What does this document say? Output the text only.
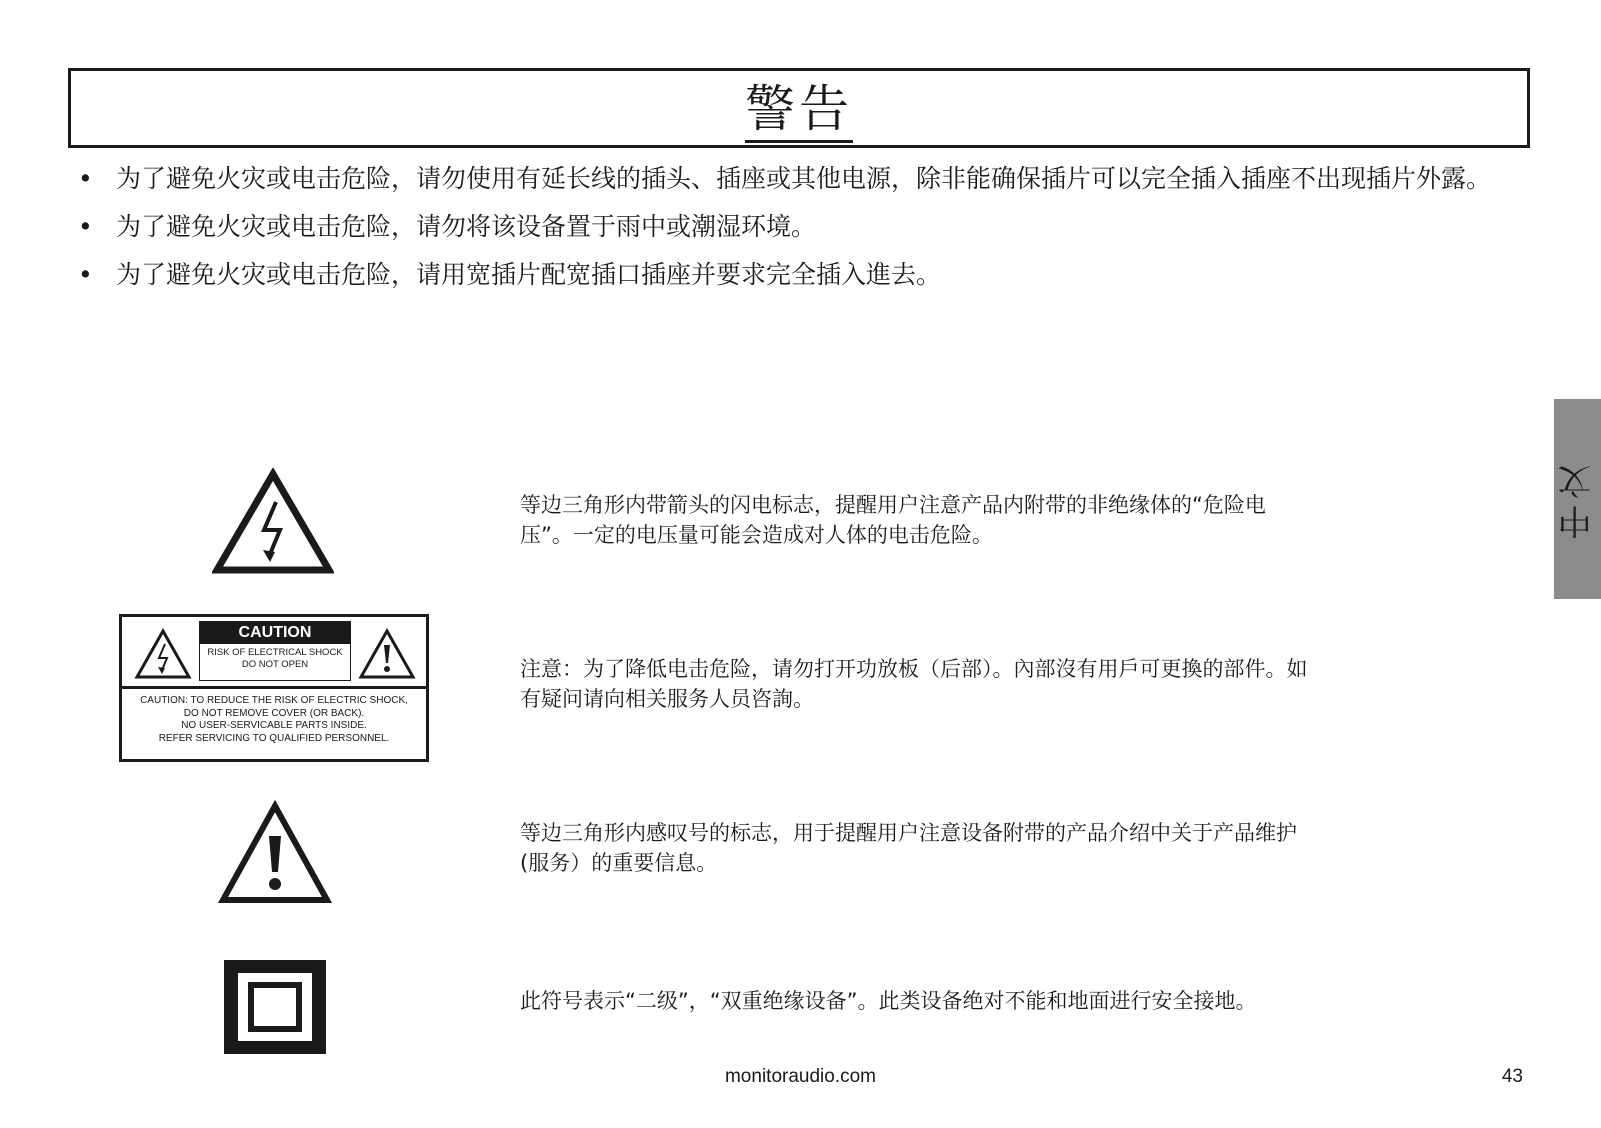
警告
• 为了避免火灾或电击危险，请勿使用有延长线的插头、插座或其他电源，除非能确保插片可以完全插入插座不出现插片外露。
• 为了避免火灾或电击危险，请勿将该设备置于雨中或潮湿环境。
• 为了避免火灾或电击危险，请用宽插片配宽插口插座并要求完全插入進去。
等边三角形内带箭头的闪电标志，提醒用户注意产品内附带的非绝缘体的“危险电压”。一定的电压量可能会造成对人体的电击危险。
CAUTION
RISK OF ELECTRICAL SHOCK
DO NOT OPEN
CAUTION: TO REDUCE THE RISK OF ELECTRIC SHOCK,
DO NOT REMOVE COVER (OR BACK).
NO USER-SERVICABLE PARTS INSIDE.
REFER SERVICING TO QUALIFIED PERSONNEL.
注意：为了降低电击危险，请勿打开功放板（后部）。內部沒有用戶可更換的部件。如有疑问请向相关服务人员咨詢。
等边三角形内感叹号的标志，用于提醒用户注意设备附带的产品介绍中关于产品维护(服务）的重要信息。
此符号表示“二级”，“双重绝缘设备”。此类设备绝对不能和地面进行安全接地。
中文
monitoraudio.com	43
